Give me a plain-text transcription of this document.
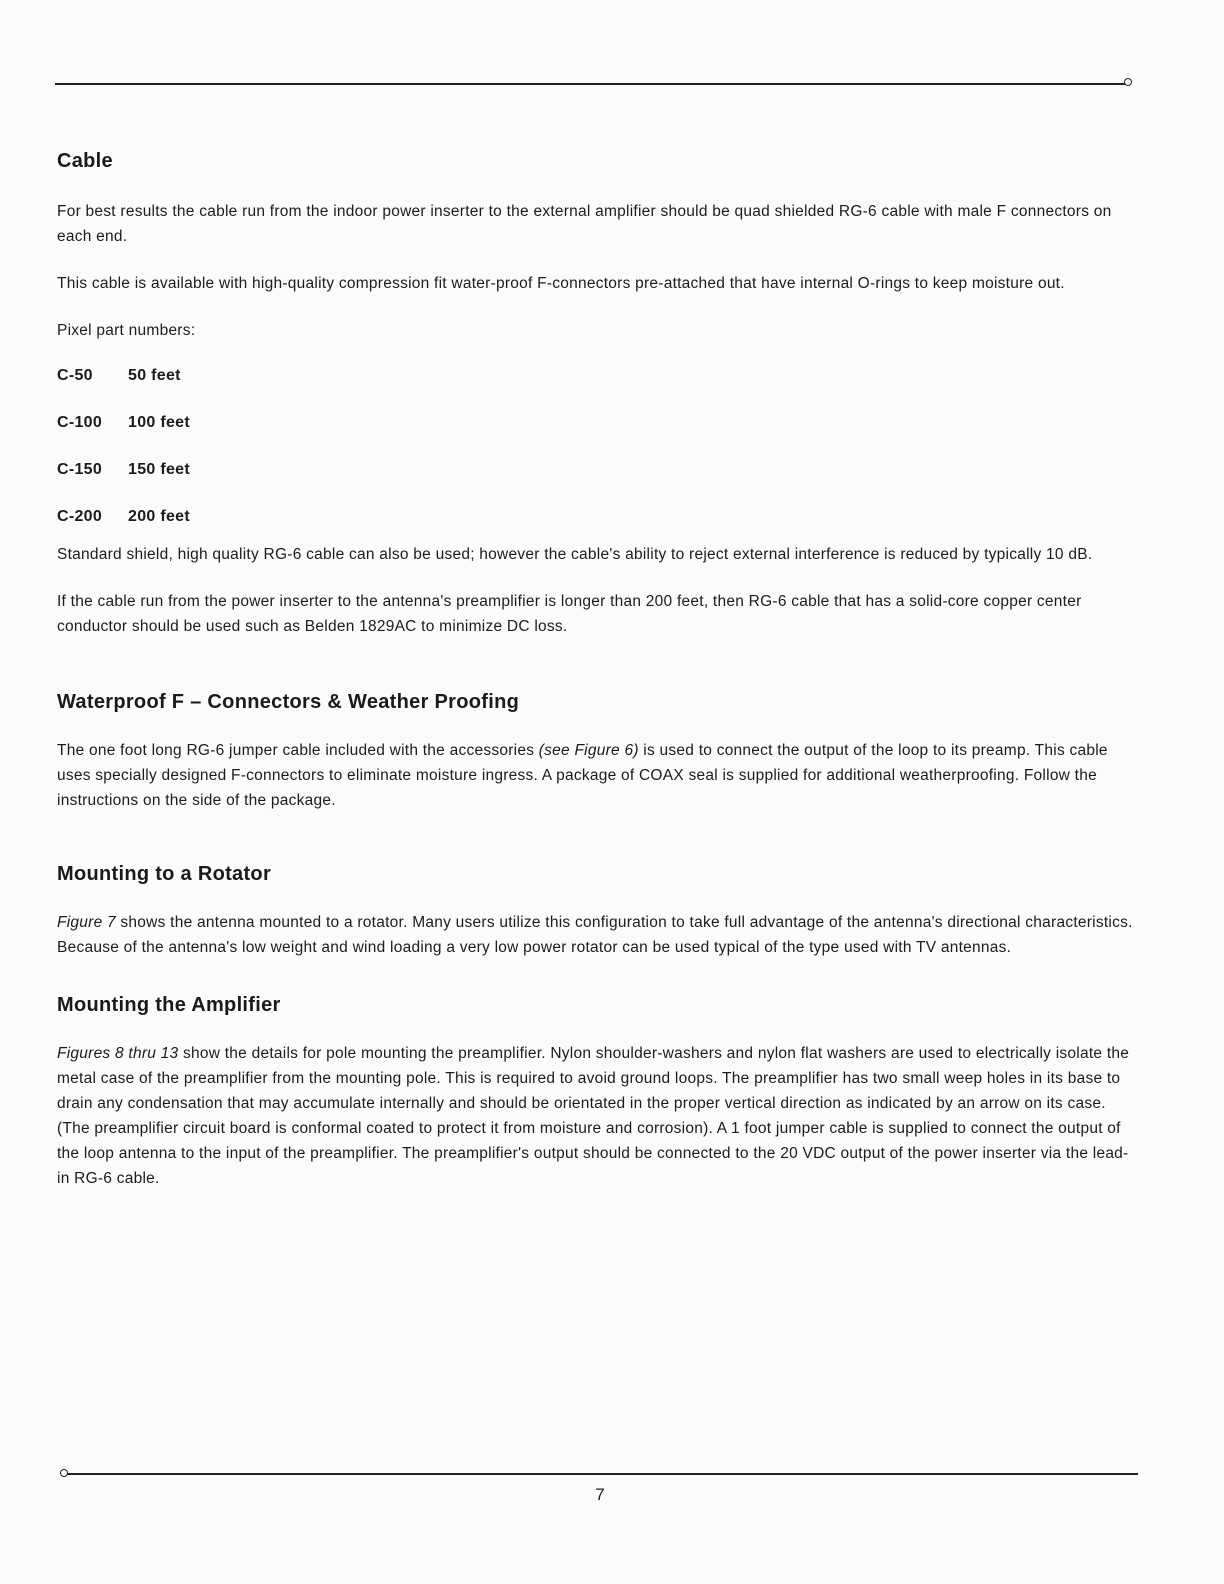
Cable

For best results the cable run from the indoor power inserter to the external amplifier should be quad shielded RG-6 cable with male F connectors on each end.

This cable is available with high-quality compression fit water-proof F-connectors pre-attached that have internal O-rings to keep moisture out.

Pixel part numbers:

C-50	50 feet
C-100	100 feet
C-150	150 feet
C-200	200 feet

Standard shield, high quality RG-6 cable can also be used; however the cable's ability to reject external interference is reduced by typically 10 dB.

If the cable run from the power inserter to the antenna's preamplifier is longer than 200 feet, then RG-6 cable that has a solid-core copper center conductor should be used such as Belden 1829AC to minimize DC loss.

Waterproof F – Connectors & Weather Proofing

The one foot long RG-6 jumper cable included with the accessories (see Figure 6) is used to connect the output of the loop to its preamp. This cable uses specially designed F-connectors to eliminate moisture ingress. A package of COAX seal is supplied for additional weatherproofing. Follow the instructions on the side of the package.

Mounting to a Rotator

Figure 7 shows the antenna mounted to a rotator. Many users utilize this configuration to take full advantage of the antenna's directional characteristics. Because of the antenna's low weight and wind loading a very low power rotator can be used typical of the type used with TV antennas.

Mounting the Amplifier

Figures 8 thru 13 show the details for pole mounting the preamplifier. Nylon shoulder-washers and nylon flat washers are used to electrically isolate the metal case of the preamplifier from the mounting pole. This is required to avoid ground loops. The preamplifier has two small weep holes in its base to drain any condensation that may accumulate internally and should be orientated in the proper vertical direction as indicated by an arrow on its case. (The preamplifier circuit board is conformal coated to protect it from moisture and corrosion). A 1 foot jumper cable is supplied to connect the output of the loop antenna to the input of the preamplifier. The preamplifier's output should be connected to the 20 VDC output of the power inserter via the lead-in RG-6 cable.

7
